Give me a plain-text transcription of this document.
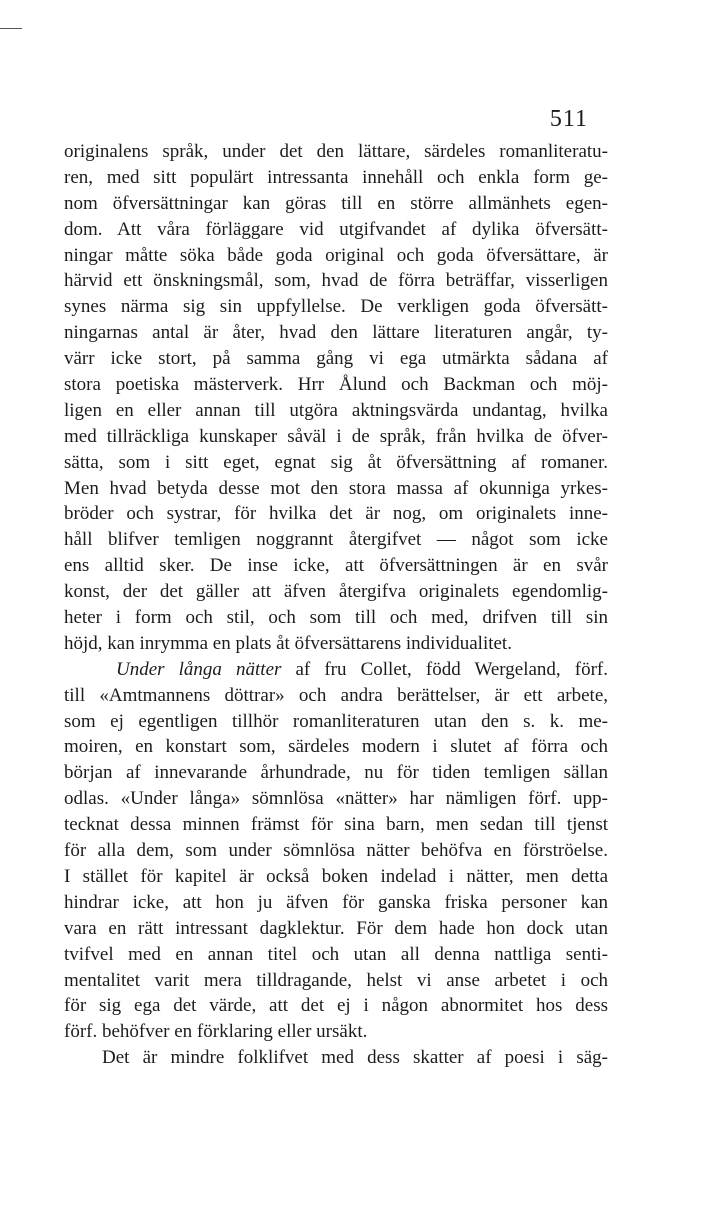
511
originalens språk, under det den lättare, särdeles romanliteratu-
ren, med sitt populärt intressanta innehåll och enkla form ge-
nom öfversättningar kan göras till en större allmänhets egen-
dom. Att våra förläggare vid utgifvandet af dylika öfversätt-
ningar måtte söka både goda original och goda öfversättare, är
härvid ett önskningsmål, som, hvad de förra beträffar, visserligen
synes närma sig sin uppfyllelse. De verkligen goda öfversätt-
ningarnas antal är åter, hvad den lättare literaturen angår, ty-
värr icke stort, på samma gång vi ega utmärkta sådana af
stora poetiska mästerverk. Hrr Ålund och Backman och möj-
ligen en eller annan till utgöra aktningsvärda undantag, hvilka
med tillräckliga kunskaper såväl i de språk, från hvilka de öfver-
sätta, som i sitt eget, egnat sig åt öfversättning af romaner.
Men hvad betyda desse mot den stora massa af okunniga yrkes-
bröder och systrar, för hvilka det är nog, om originalets inne-
håll blifver temligen noggrannt återgifvet — något som icke
ens alltid sker. De inse icke, att öfversättningen är en svår
konst, der det gäller att äfven återgifva originalets egendomlig-
heter i form och stil, och som till och med, drifven till sin
höjd, kan inrymma en plats åt öfversättarens individualitet.
Under långa nätter af fru Collet, född Wergeland, förf.
till «Amtmannens döttrar» och andra berättelser, är ett arbete,
som ej egentligen tillhör romanliteraturen utan den s. k. me-
moiren, en konstart som, särdeles modern i slutet af förra och
början af innevarande århundrade, nu för tiden temligen sällan
odlas. «Under långa» sömnlösa «nätter» har nämligen förf. upp-
tecknat dessa minnen främst för sina barn, men sedan till tjenst
för alla dem, som under sömnlösa nätter behöfva en förströelse.
I stället för kapitel är också boken indelad i nätter, men detta
hindrar icke, att hon ju äfven för ganska friska personer kan
vara en rätt intressant dagklektur. För dem hade hon dock utan
tvifvel med en annan titel och utan all denna nattliga senti-
mentalitet varit mera tilldragande, helst vi anse arbetet i och
för sig ega det värde, att det ej i någon abnormitet hos dess
förf. behöfver en förklaring eller ursäkt.
Det är mindre folklifvet med dess skatter af poesi i säg-
